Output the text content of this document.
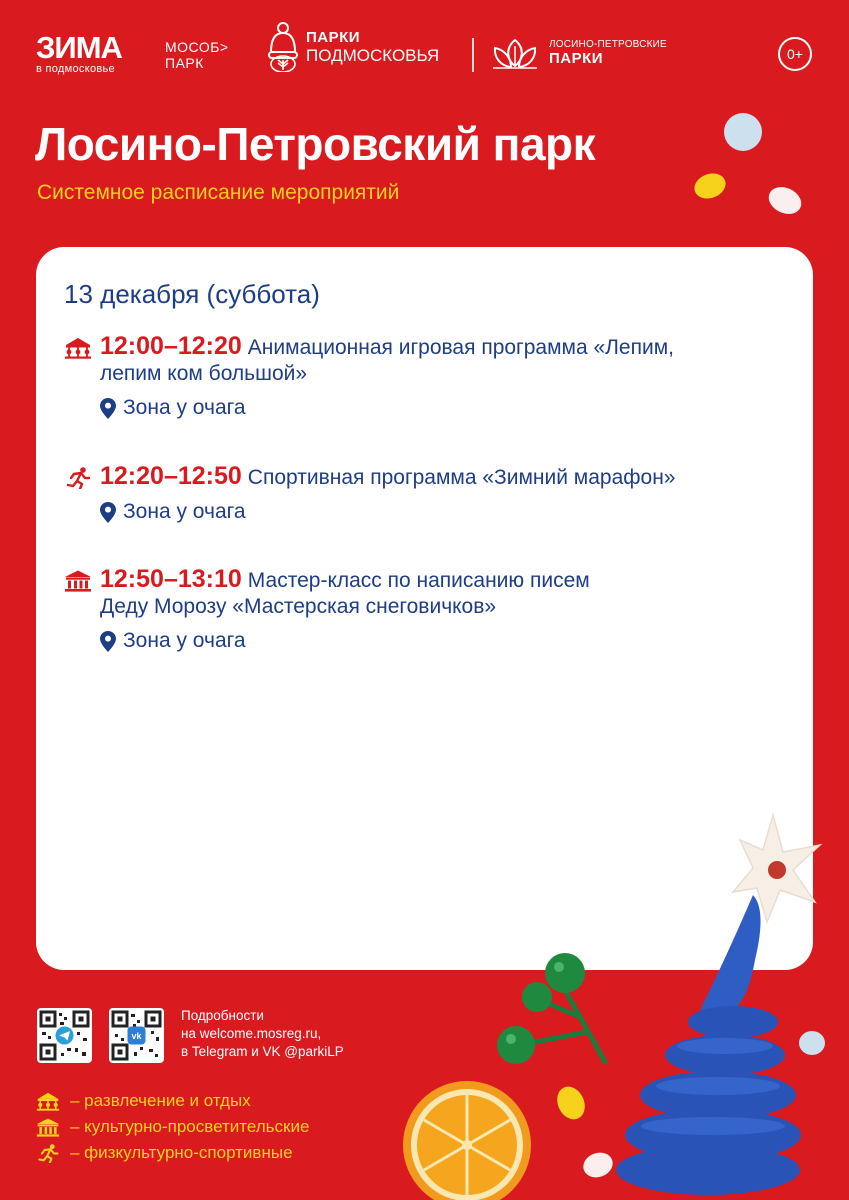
ЗИМА
в подмосковье
МОСОБ>
ПАРК
ПАРКИ
ПОДМОСКОВЬЯ
ЛОСИНО-ПЕТРОВСКИЕ
ПАРКИ	0+
Лосино-Петровский парк
Системное расписание мероприятий
13 декабря (суббота)
12:00–12:20 Анимационная игровая программа «Лепим,
лепим ком большой»
Зона у очага
12:20–12:50 Спортивная программа «Зимний марафон»
Зона у очага
12:50–13:10 Мастер-класс по написанию писем
Деду Морозу «Мастерская снеговичков»
Зона у очага
vk
Подробности
на welcome.mosreg.ru,
в Telegram и VK @parkiLP
– развлечение и отдых
– культурно-просветительские
– физкультурно-спортивные
